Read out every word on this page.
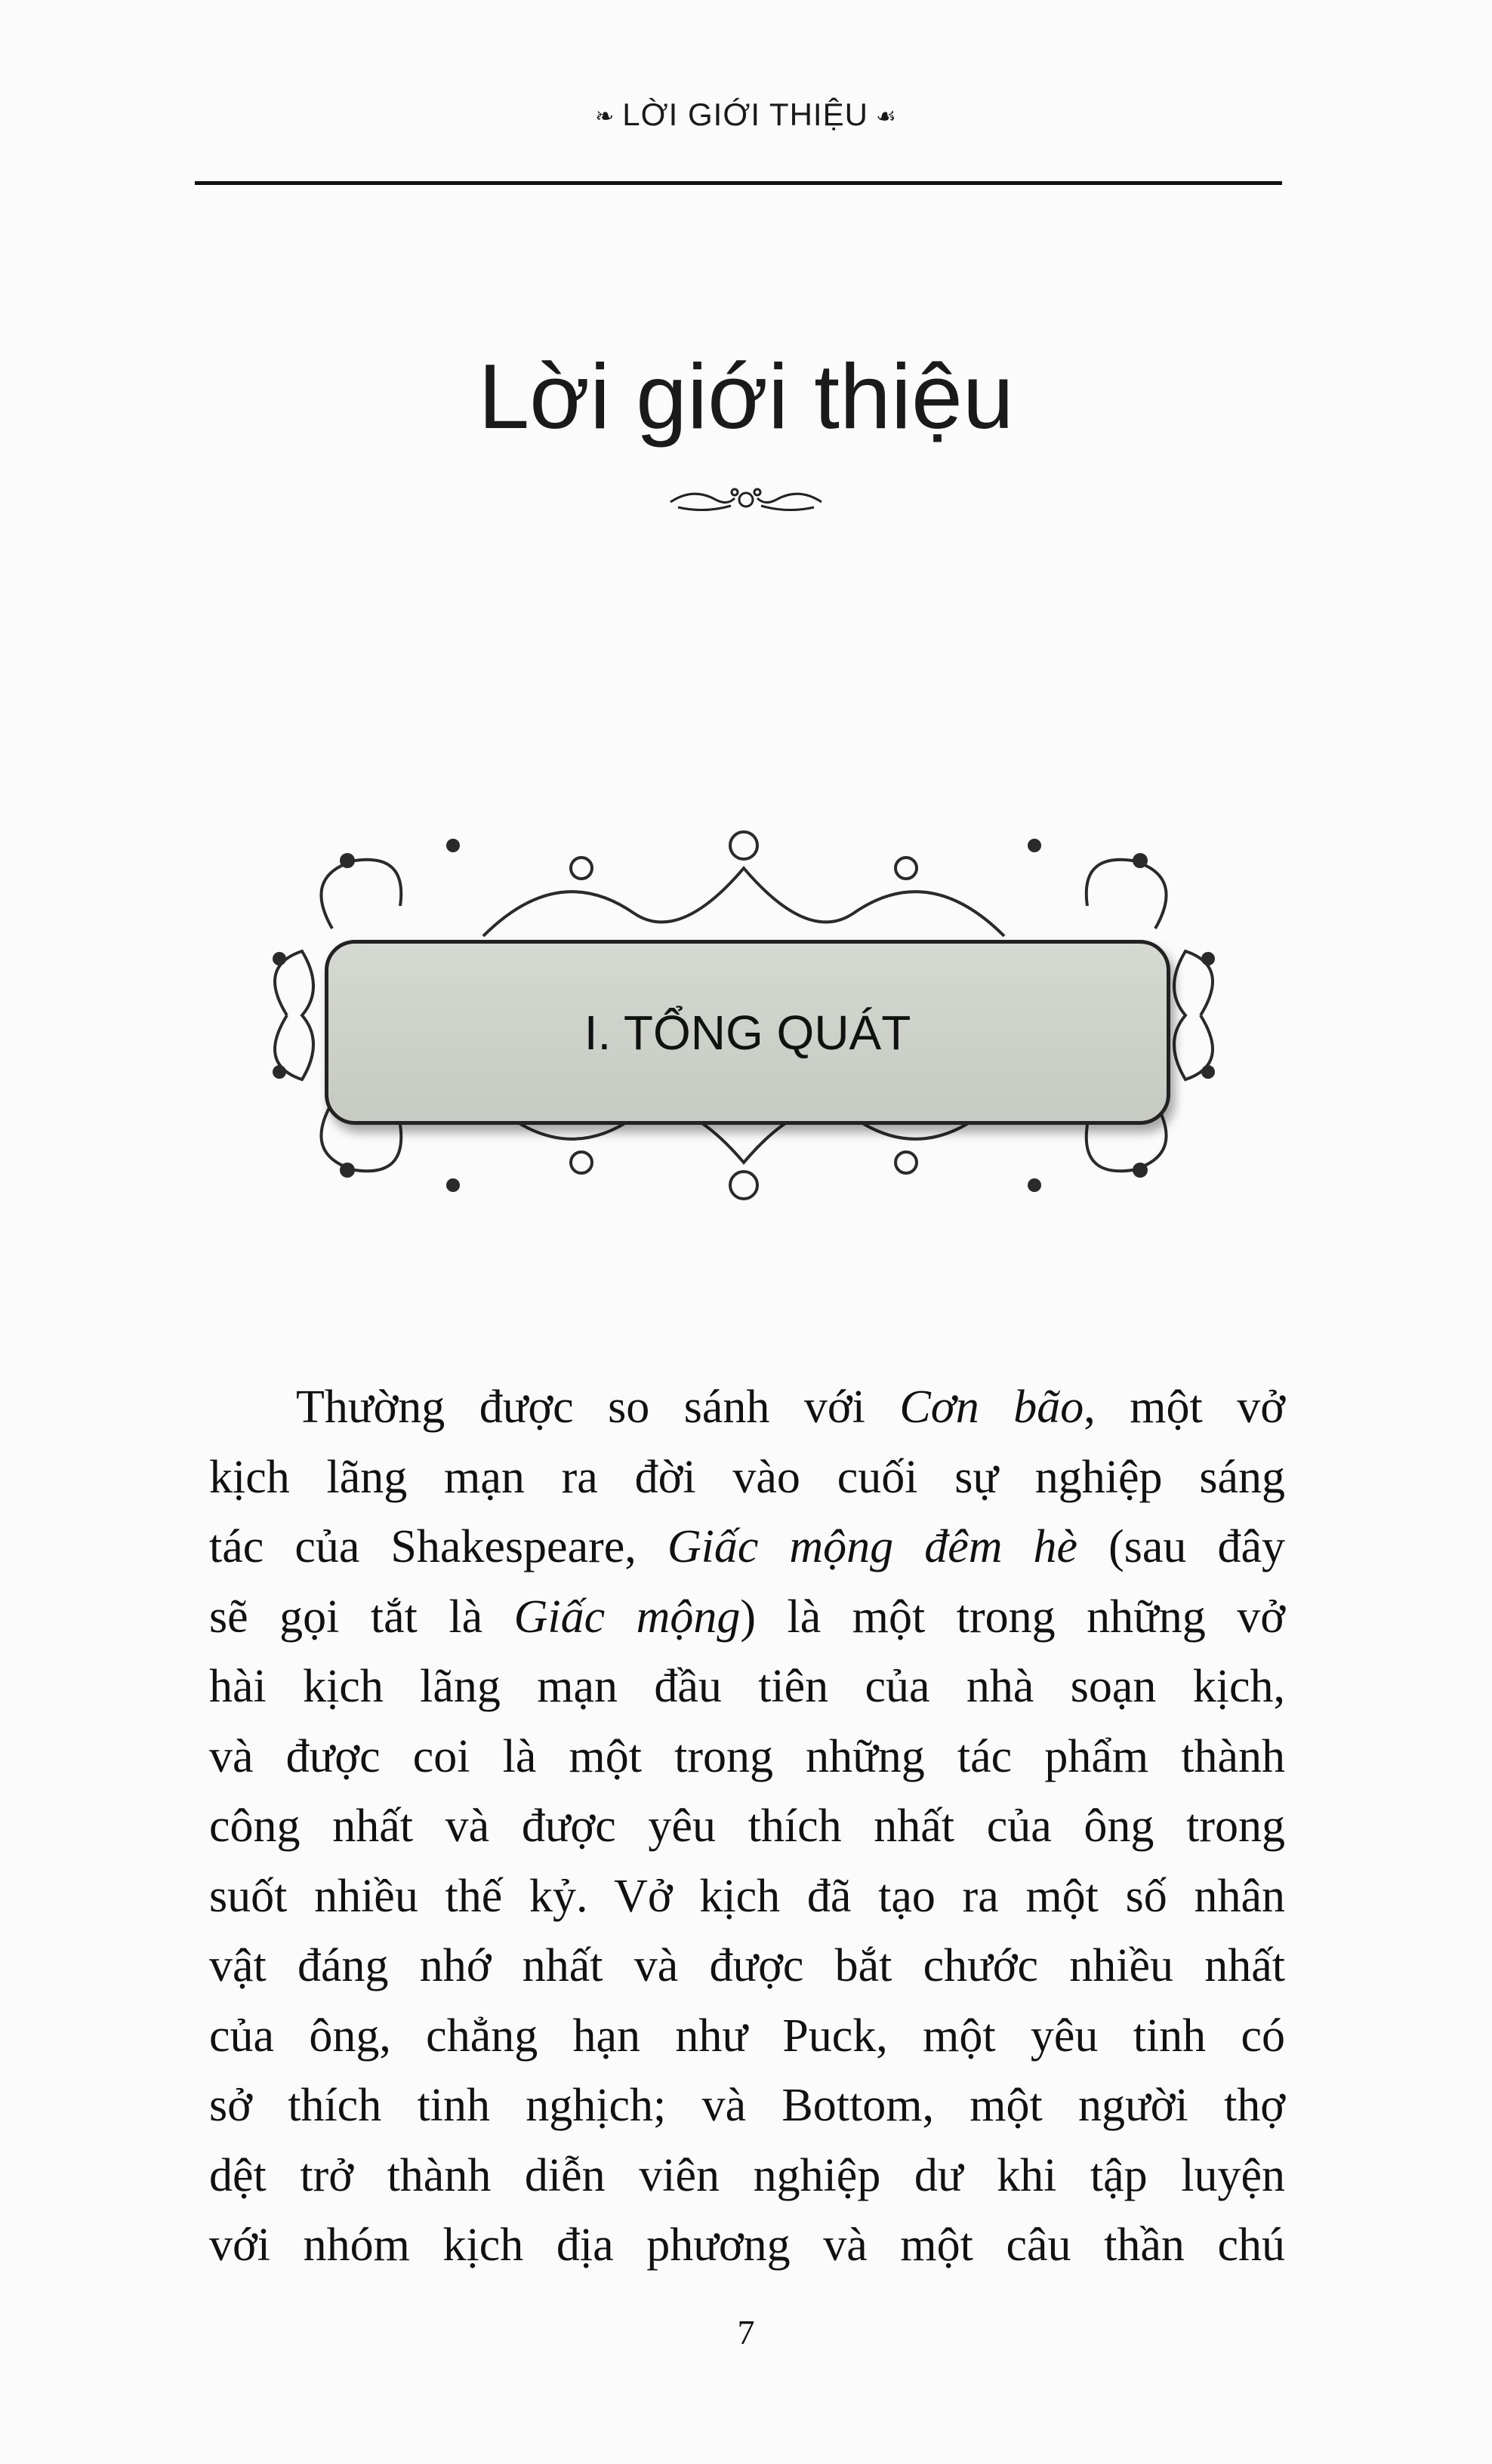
❧ LỜI GIỚI THIỆU ☙
Lời giới thiệu
I. TỔNG QUÁT
Thường được so sánh với Cơn bão, một vở
kịch lãng mạn ra đời vào cuối sự nghiệp sáng
tác của Shakespeare, Giấc mộng đêm hè (sau đây
sẽ gọi tắt là Giấc mộng) là một trong những vở
hài kịch lãng mạn đầu tiên của nhà soạn kịch,
và được coi là một trong những tác phẩm thành
công nhất và được yêu thích nhất của ông trong
suốt nhiều thế kỷ. Vở kịch đã tạo ra một số nhân
vật đáng nhớ nhất và được bắt chước nhiều nhất
của ông, chẳng hạn như Puck, một yêu tinh có
sở thích tinh nghịch; và Bottom, một người thợ
dệt trở thành diễn viên nghiệp dư khi tập luyện
với nhóm kịch địa phương và một câu thần chú
7
